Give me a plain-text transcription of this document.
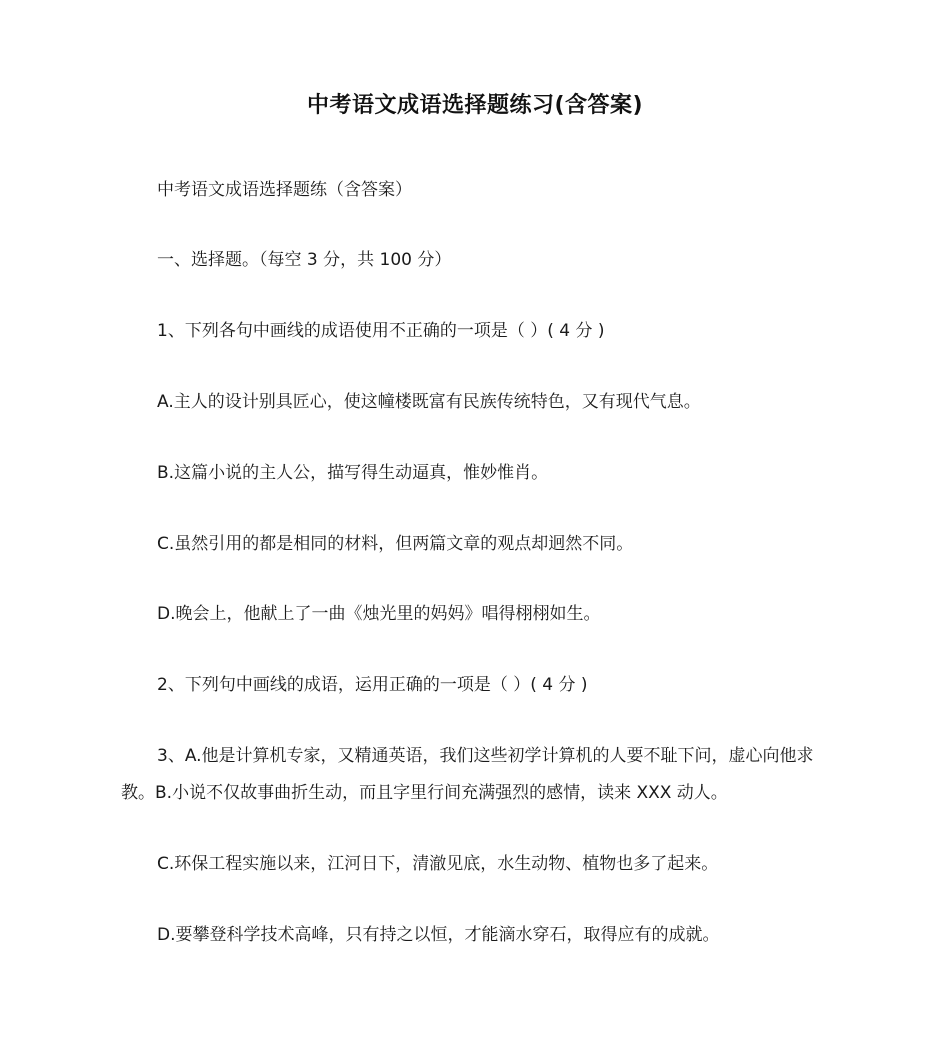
中考语文成语选择题练习(含答案)
中考语文成语选择题练（含答案）
一、选择题。（每空 3 分，共 100 分）
1、下列各句中画线的成语使用不正确的一项是（ ）( 4 分 )
A.主人的设计别具匠心，使这幢楼既富有民族传统特色，又有现代气息。
B.这篇小说的主人公，描写得生动逼真，惟妙惟肖。
C.虽然引用的都是相同的材料，但两篇文章的观点却迥然不同。
D.晚会上，他献上了一曲《烛光里的妈妈》唱得栩栩如生。
2、下列句中画线的成语，运用正确的一项是（ ）( 4 分 )
3、A.他是计算机专家，又精通英语，我们这些初学计算机的人要不耻下问，虚心向他求教。B.小说不仅故事曲折生动，而且字里行间充满强烈的感情，读来 XXX 动人。
C.环保工程实施以来，江河日下，清澈见底，水生动物、植物也多了起来。
D.要攀登科学技术高峰，只有持之以恒，才能滴水穿石，取得应有的成就。
